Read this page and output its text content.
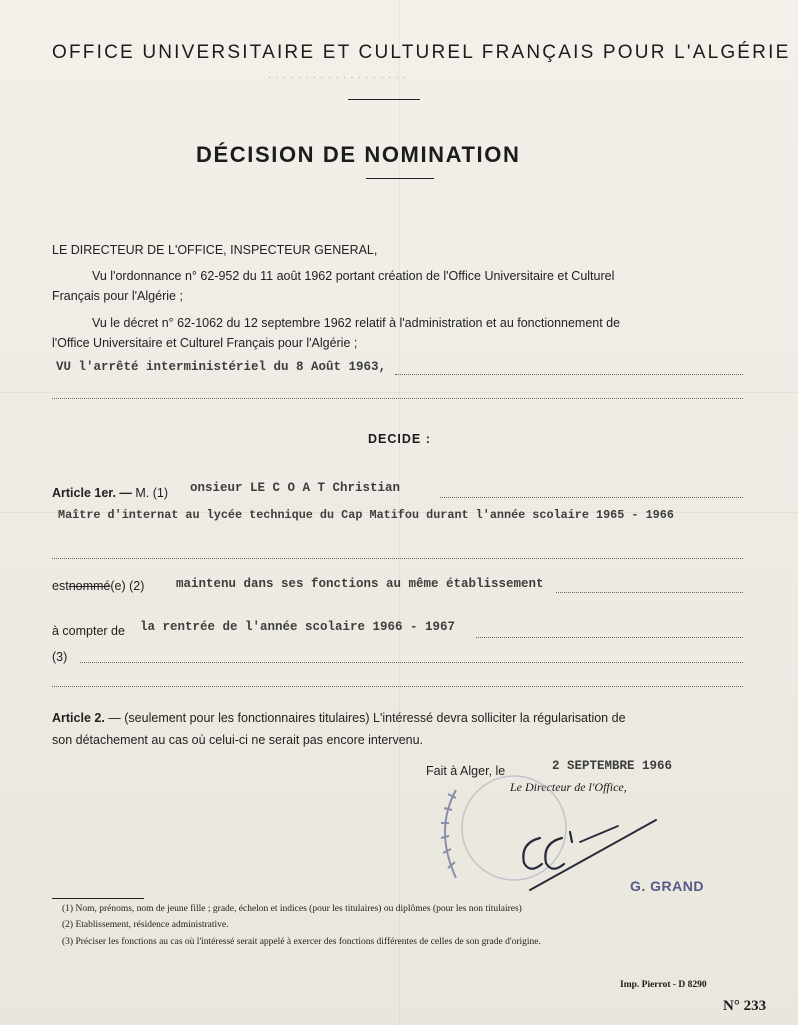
OFFICE UNIVERSITAIRE ET CULTUREL FRANÇAIS POUR L'ALGÉRIE
· · · · · · · · · · · · · · · · · · ·
DÉCISION DE NOMINATION
LE DIRECTEUR DE L'OFFICE, INSPECTEUR GENERAL,
Vu l'ordonnance n° 62-952 du 11 août 1962 portant création de l'Office Universitaire et Culturel
Français pour l'Algérie ;
Vu le décret n° 62-1062 du 12 septembre 1962 relatif à l'administration et au fonctionnement de
l'Office Universitaire et Culturel Français pour l'Algérie ;
VU l'arrêté interministériel du 8 Août 1963,
DECIDE :
Article 1er. — M. (1) onsieur LE C O A T Christian
Maître d'internat au lycée technique du Cap Matifou durant l'année scolaire 1965 - 1966
estnommé(e) (2)	maintenu dans ses fonctions au même établissement
à compter de la rentrée de l'année scolaire 1966 - 1967
(3)
Article 2. — (seulement pour les fonctionnaires titulaires) L'intéressé devra solliciter la régularisation de
son détachement au cas où celui-ci ne serait pas encore intervenu.
Fait à Alger, le	2 SEPTEMBRE 1966
Le Directeur de l'Office,
G. GRAND
(1) Nom, prénoms, nom de jeune fille ; grade, échelon et indices (pour les titulaires) ou diplômes (pour les non titulaires)
(2) Etablissement, résidence administrative.
(3) Préciser les fonctions au cas où l'intéressé serait appelé à exercer des fonctions différentes de celles de son grade d'origine.
Imp. Pierrot - D 8290
N° 233
